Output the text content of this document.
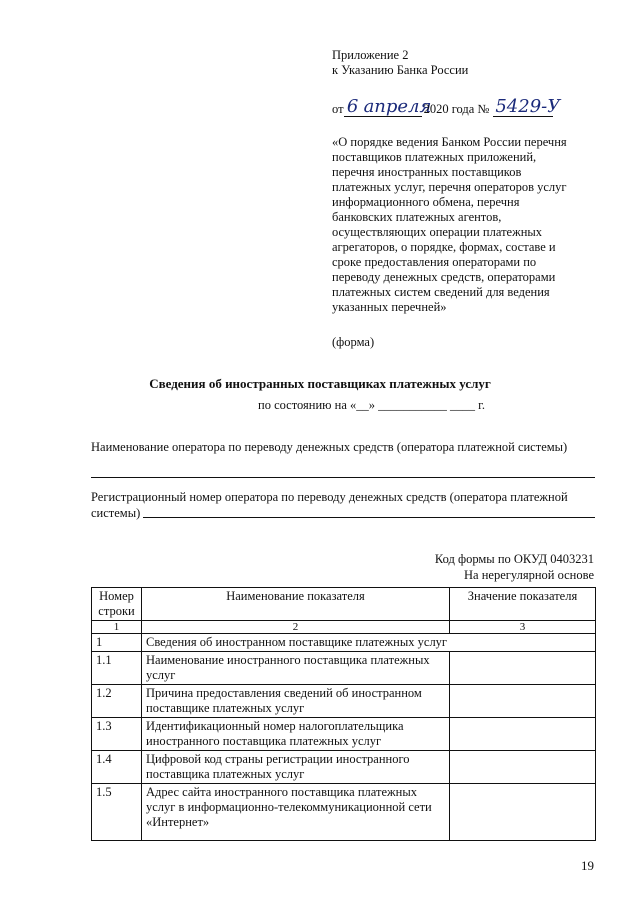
Приложение 2
к Указанию Банка России
от 6 апреля
2020 года № 5429-У
«О порядке ведения Банком России перечня
поставщиков платежных приложений,
перечня иностранных поставщиков
платежных услуг, перечня операторов услуг
информационного обмена, перечня
банковских платежных агентов,
осуществляющих операции платежных
агрегаторов, о порядке, формах, составе и
сроке предоставления операторами по
переводу денежных средств, операторами
платежных систем сведений для ведения
указанных перечней»
(форма)
Сведения об иностранных поставщиках платежных услуг
по состоянию на «__» ___________ ____ г.
Наименование оператора по переводу денежных средств (оператора платежной системы)
Регистрационный номер оператора по переводу денежных средств (оператора платежной
системы)
Код формы по ОКУД 0403231
На нерегулярной основе
Номер строки	Наименование показателя	Значение показателя
1	2	3
1	Сведения об иностранном поставщике платежных услуг	
1.1	Наименование иностранного поставщика платежных услуг	
1.2	Причина предоставления сведений об иностранном поставщике платежных услуг	
1.3	Идентификационный номер налогоплательщика иностранного поставщика платежных услуг	
1.4	Цифровой код страны регистрации иностранного поставщика платежных услуг	
1.5	Адрес сайта иностранного поставщика платежных услуг в информационно-телекоммуникационной сети «Интернет»	
19
